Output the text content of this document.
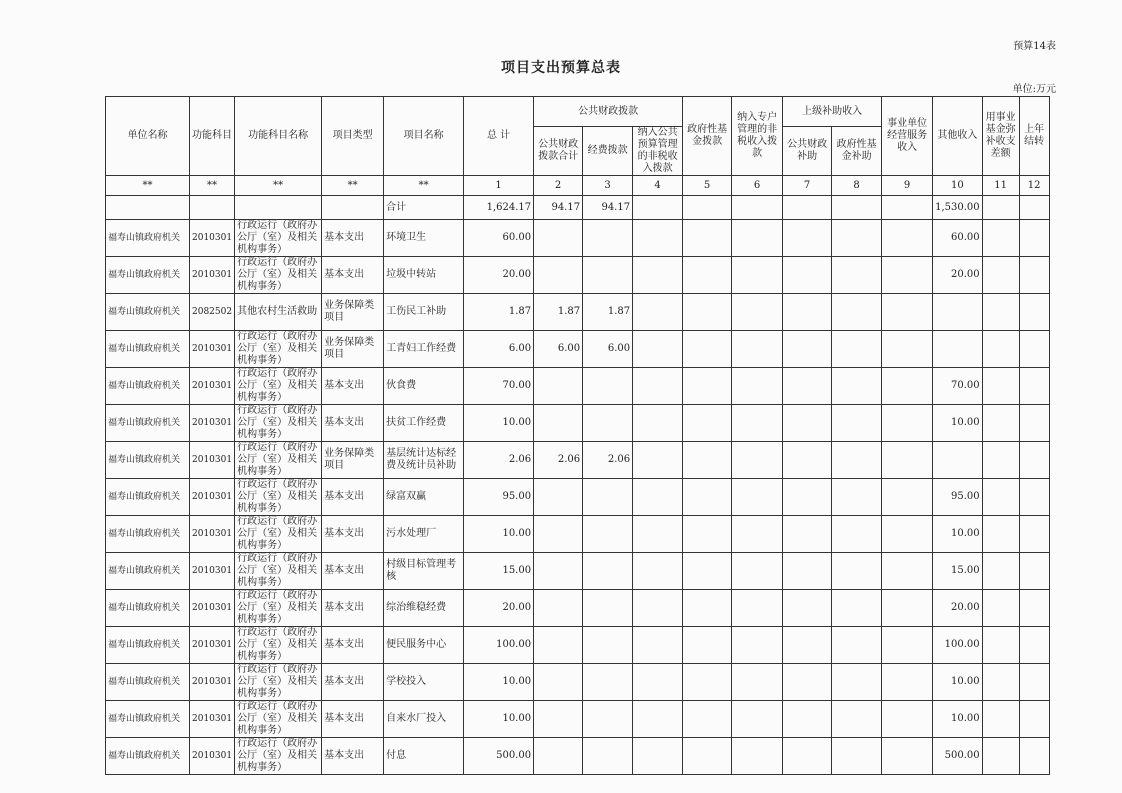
预算14表
项目支出预算总表
单位:万元
单位名称	功能科目	功能科目名称	项目类型	项目名称	总 计	公共财政拨款			政府性基金拨款	纳入专户管理的非税收入拨款	上级补助收入		事业单位经营服务收入	其他收入	用事业基金弥补收支差额	上年结转
						公共财政拨款合计	经费拨款	纳入公共预算管理的非税收入拨款			公共财政补助	政府性基金补助				
**	**	**	**	**	1	2	3	4	5	6	7	8	9	10	11	12
				合计	1,624.17	94.17	94.17							1,530.00		
福寿山镇政府机关	2010301	行政运行（政府办公厅（室）及相关机构事务）	基本支出	环境卫生	60.00									60.00		
福寿山镇政府机关	2010301	行政运行（政府办公厅（室）及相关机构事务）	基本支出	垃圾中转站	20.00									20.00		
福寿山镇政府机关	2082502	其他农村生活救助	业务保障类项目	工伤民工补助	1.87	1.87	1.87									
福寿山镇政府机关	2010301	行政运行（政府办公厅（室）及相关机构事务）	业务保障类项目	工青妇工作经费	6.00	6.00	6.00									
福寿山镇政府机关	2010301	行政运行（政府办公厅（室）及相关机构事务）	基本支出	伙食费	70.00									70.00		
福寿山镇政府机关	2010301	行政运行（政府办公厅（室）及相关机构事务）	基本支出	扶贫工作经费	10.00									10.00		
福寿山镇政府机关	2010301	行政运行（政府办公厅（室）及相关机构事务）	业务保障类项目	基层统计达标经费及统计员补助	2.06	2.06	2.06									
福寿山镇政府机关	2010301	行政运行（政府办公厅（室）及相关机构事务）	基本支出	绿富双赢	95.00									95.00		
福寿山镇政府机关	2010301	行政运行（政府办公厅（室）及相关机构事务）	基本支出	污水处理厂	10.00									10.00		
福寿山镇政府机关	2010301	行政运行（政府办公厅（室）及相关机构事务）	基本支出	村级目标管理考核	15.00									15.00		
福寿山镇政府机关	2010301	行政运行（政府办公厅（室）及相关机构事务）	基本支出	综治维稳经费	20.00									20.00		
福寿山镇政府机关	2010301	行政运行（政府办公厅（室）及相关机构事务）	基本支出	便民服务中心	100.00									100.00		
福寿山镇政府机关	2010301	行政运行（政府办公厅（室）及相关机构事务）	基本支出	学校投入	10.00									10.00		
福寿山镇政府机关	2010301	行政运行（政府办公厅（室）及相关机构事务）	基本支出	自来水厂投入	10.00									10.00		
福寿山镇政府机关	2010301	行政运行（政府办公厅（室）及相关机构事务）	基本支出	付息	500.00									500.00		
